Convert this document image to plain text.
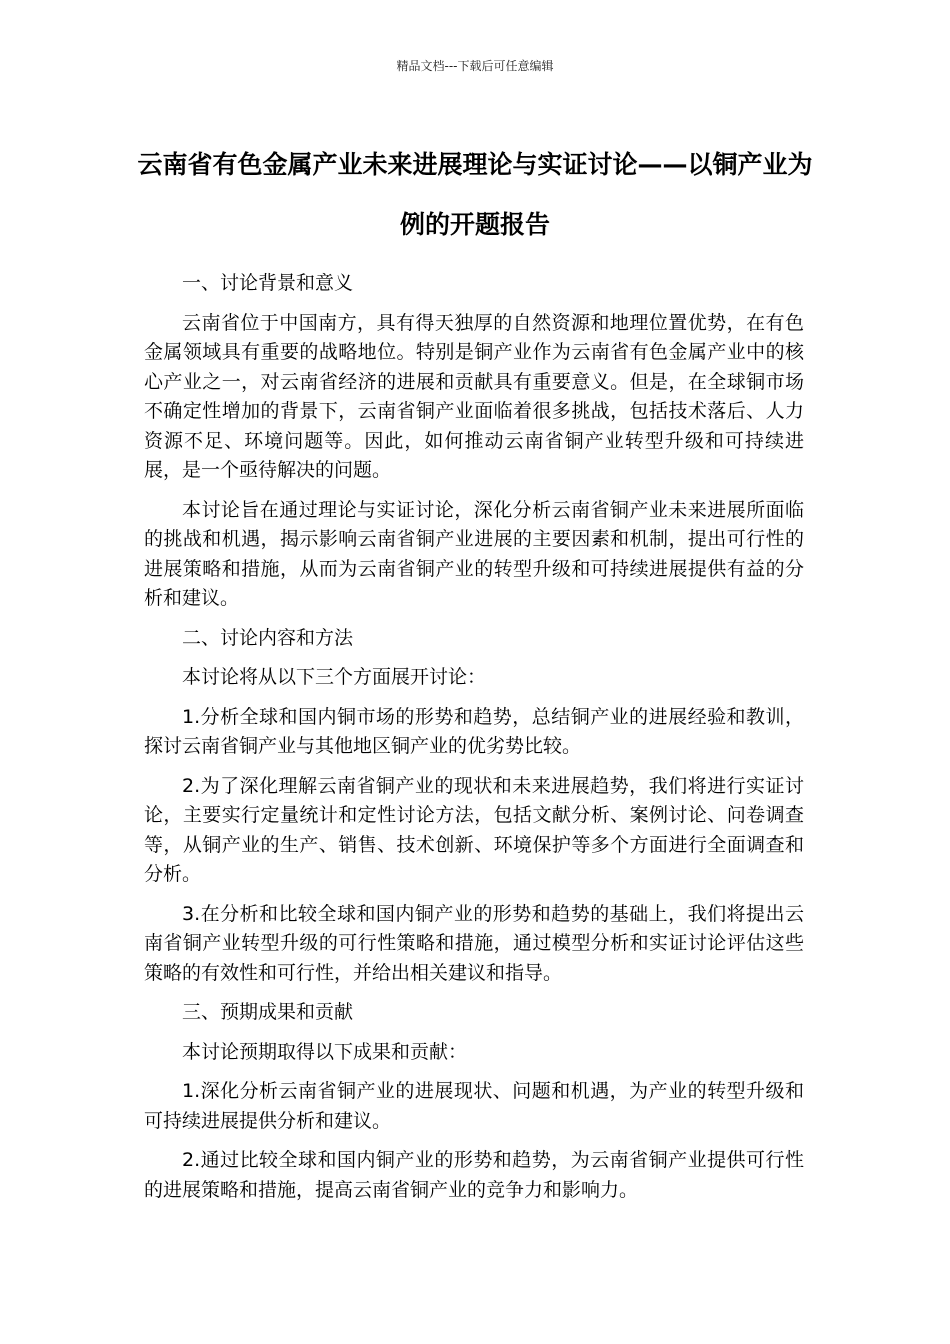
精品文档---下载后可任意编辑
云南省有色金属产业未来进展理论与实证讨论——以铜产业为例的开题报告
一、讨论背景和意义

云南省位于中国南方，具有得天独厚的自然资源和地理位置优势，在有色金属领域具有重要的战略地位。特别是铜产业作为云南省有色金属产业中的核心产业之一，对云南省经济的进展和贡献具有重要意义。但是，在全球铜市场不确定性增加的背景下，云南省铜产业面临着很多挑战，包括技术落后、人力资源不足、环境问题等。因此，如何推动云南省铜产业转型升级和可持续进展，是一个亟待解决的问题。

本讨论旨在通过理论与实证讨论，深化分析云南省铜产业未来进展所面临的挑战和机遇，揭示影响云南省铜产业进展的主要因素和机制，提出可行性的进展策略和措施，从而为云南省铜产业的转型升级和可持续进展提供有益的分析和建议。

二、讨论内容和方法

本讨论将从以下三个方面展开讨论：

1.分析全球和国内铜市场的形势和趋势，总结铜产业的进展经验和教训，探讨云南省铜产业与其他地区铜产业的优劣势比较。

2.为了深化理解云南省铜产业的现状和未来进展趋势，我们将进行实证讨论，主要实行定量统计和定性讨论方法，包括文献分析、案例讨论、问卷调查等，从铜产业的生产、销售、技术创新、环境保护等多个方面进行全面调查和分析。

3.在分析和比较全球和国内铜产业的形势和趋势的基础上，我们将提出云南省铜产业转型升级的可行性策略和措施，通过模型分析和实证讨论评估这些策略的有效性和可行性，并给出相关建议和指导。

三、预期成果和贡献

本讨论预期取得以下成果和贡献：

1.深化分析云南省铜产业的进展现状、问题和机遇，为产业的转型升级和可持续进展提供分析和建议。

2.通过比较全球和国内铜产业的形势和趋势，为云南省铜产业提供可行性的进展策略和措施，提高云南省铜产业的竞争力和影响力。
